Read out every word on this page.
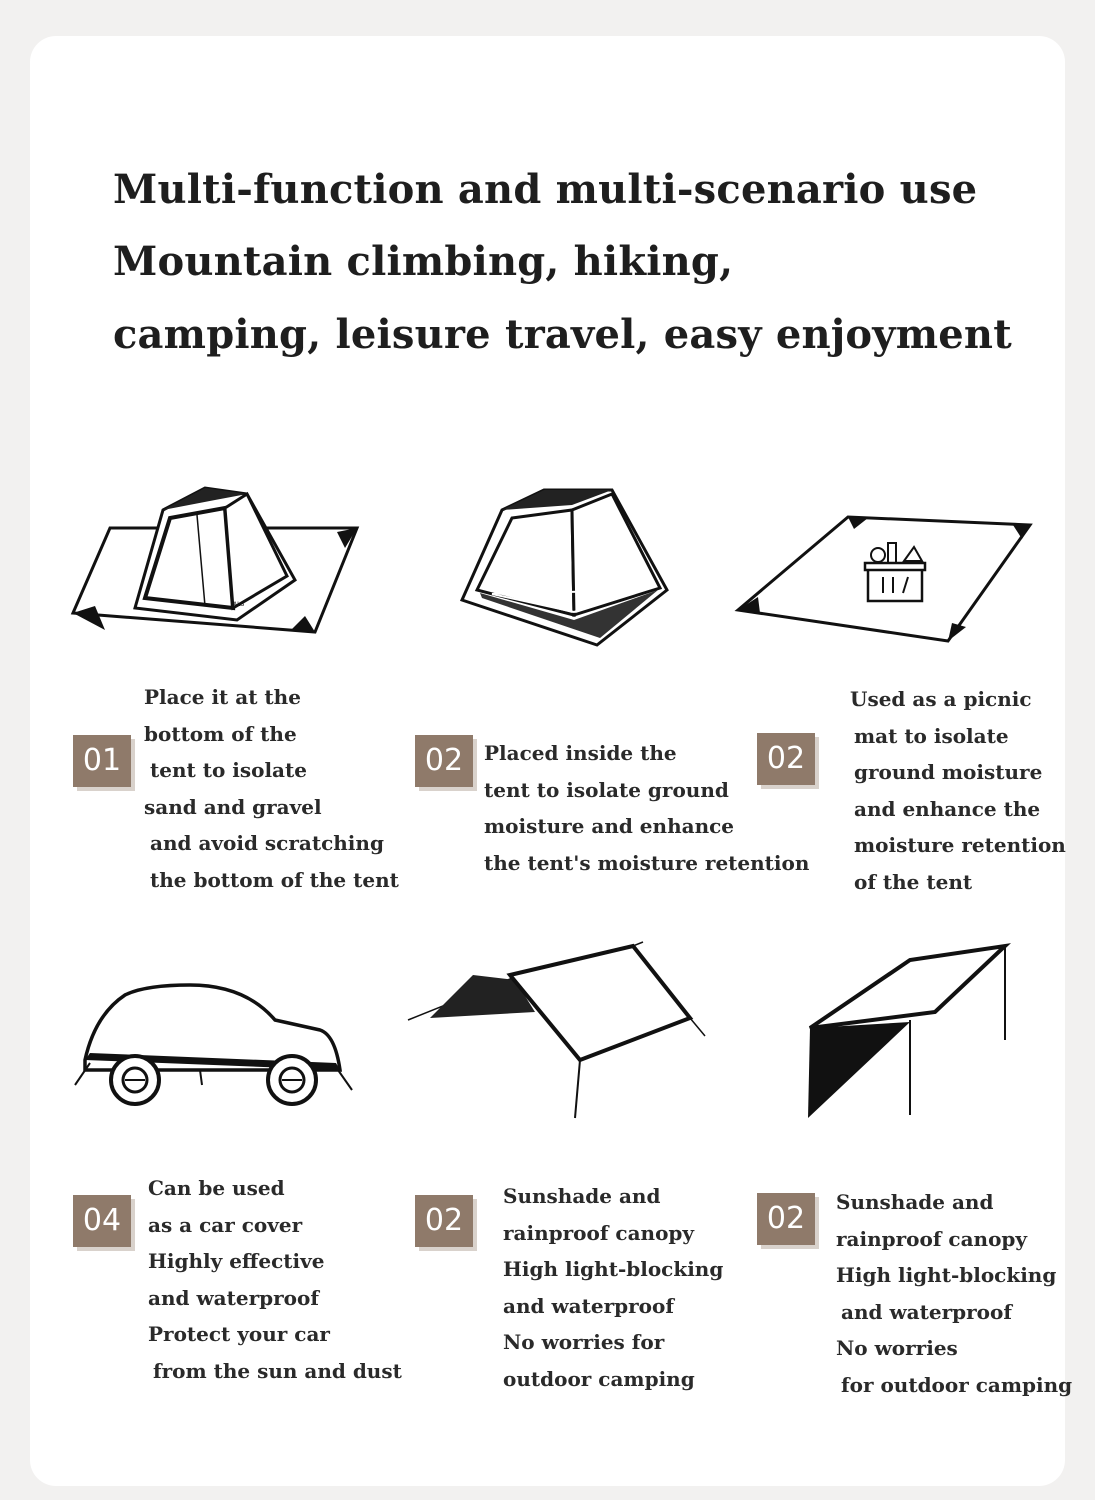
Multi-function and multi-scenario use
Mountain climbing, hiking,
camping, leisure travel, easy enjoyment
ALS
01
Place it at the
bottom of the
tent to isolate
sand and gravel
and avoid scratching
the bottom of the tent
02	Placed inside the
tent to isolate ground
moisture and enhance
the tent's moisture retention
02
Used as a picnic
mat to isolate
ground moisture
and enhance the
moisture retention
of the tent
04
Can be used
as a car cover
Highly effective
and waterproof
Protect your car
from the sun and dust
02
Sunshade and
rainproof canopy
High light-blocking
and waterproof
No worries for
outdoor camping
02	Sunshade and
rainproof canopy
High light-blocking
and waterproof
No worries
for outdoor camping
